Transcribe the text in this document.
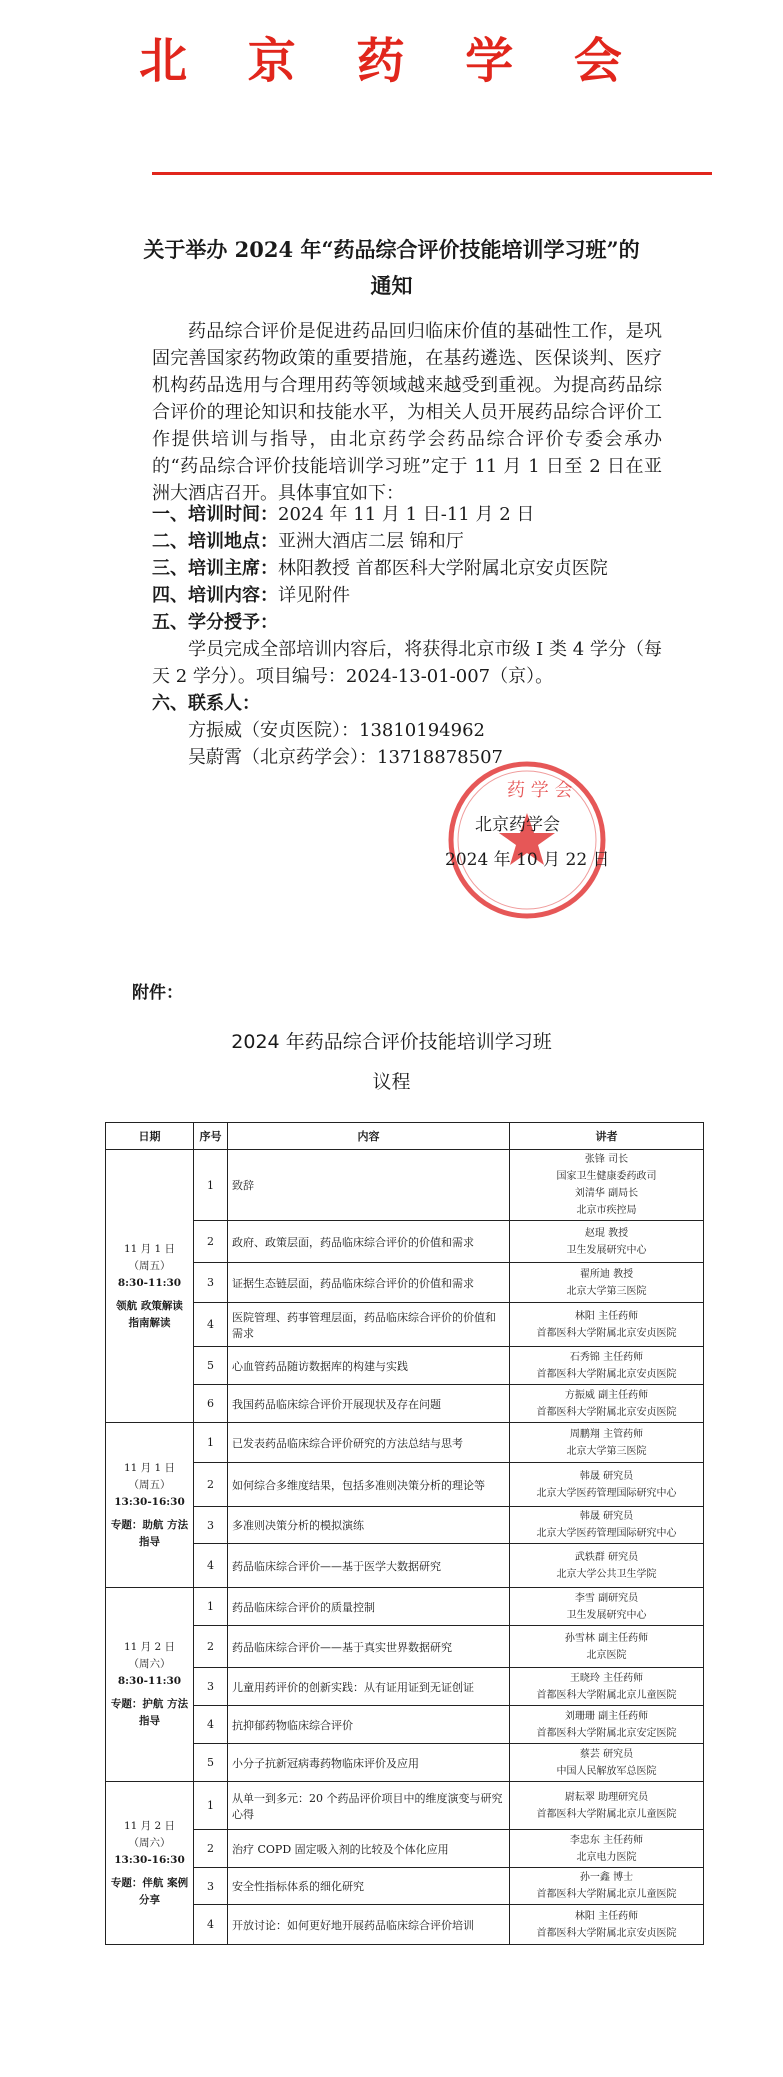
北 京 药 学 会
关于举办 2024 年“药品综合评价技能培训学习班”的
通知
药品综合评价是促进药品回归临床价值的基础性工作，是巩固完善国家药物政策的重要措施，在基药遴选、医保谈判、医疗机构药品选用与合理用药等领域越来越受到重视。为提高药品综合评价的理论知识和技能水平，为相关人员开展药品综合评价工作提供培训与指导，由北京药学会药品综合评价专委会承办的“药品综合评价技能培训学习班”定于 11 月 1 日至 2 日在亚洲大酒店召开。具体事宜如下：
一、培训时间：2024 年 11 月 1 日-11 月 2 日
二、培训地点：亚洲大酒店二层 锦和厅
三、培训主席：林阳教授 首都医科大学附属北京安贞医院
四、培训内容：详见附件
五、学分授予：
学员完成全部培训内容后，将获得北京市级 I 类 4 学分（每天 2 学分）。项目编号：2024-13-01-007（京）。
六、联系人：
方振威（安贞医院）：13810194962
吴蔚霄（北京药学会）：13718878507
药 学 会
北京药学会
2024 年 10 月 22 日
附件：
2024 年药品综合评价技能培训学习班
议程
日期	序号	内容	讲者

11 月 1 日
（周五）
8:30-11:30
领航 政策解读 指南解读	1	致辞	张锋 司长
国家卫生健康委药政司
刘清华 副局长
北京市疾控局

	2	政府、政策层面，药品临床综合评价的价值和需求	赵琨 教授
卫生发展研究中心

	3	证据生态链层面，药品临床综合评价的价值和需求	翟所迪 教授
北京大学第三医院

	4	医院管理、药事管理层面，药品临床综合评价的价值和需求	林阳 主任药师
首都医科大学附属北京安贞医院

	5	心血管药品随访数据库的构建与实践	石秀锦 主任药师
首都医科大学附属北京安贞医院

	6	我国药品临床综合评价开展现状及存在问题	方振威 副主任药师
首都医科大学附属北京安贞医院

11 月 1 日
（周五）
13:30-16:30
专题：助航 方法指导	1	已发表药品临床综合评价研究的方法总结与思考	周鹏翔 主管药师
北京大学第三医院

	2	如何综合多维度结果，包括多准则决策分析的理论等	韩晟 研究员
北京大学医药管理国际研究中心

	3	多准则决策分析的模拟演练	韩晟 研究员
北京大学医药管理国际研究中心

	4	药品临床综合评价——基于医学大数据研究	武轶群 研究员
北京大学公共卫生学院

11 月 2 日
（周六）
8:30-11:30
专题：护航 方法指导	1	药品临床综合评价的质量控制	李雪 副研究员
卫生发展研究中心

	2	药品临床综合评价——基于真实世界数据研究	孙雪林 副主任药师
北京医院

	3	儿童用药评价的创新实践：从有证用证到无证创证	王晓玲 主任药师
首都医科大学附属北京儿童医院

	4	抗抑郁药物临床综合评价	刘珊珊 副主任药师
首都医科大学附属北京安定医院

	5	小分子抗新冠病毒药物临床评价及应用	蔡芸 研究员
中国人民解放军总医院

11 月 2 日
（周六）
13:30-16:30
专题：伴航 案例分享	1	从单一到多元：20 个药品评价项目中的维度演变与研究心得	尉耘翠 助理研究员
首都医科大学附属北京儿童医院

	2	治疗 COPD 固定吸入剂的比较及个体化应用	李忠东 主任药师
北京电力医院

	3	安全性指标体系的细化研究	孙一鑫 博士
首都医科大学附属北京儿童医院

	4	开放讨论：如何更好地开展药品临床综合评价培训	林阳 主任药师
首都医科大学附属北京安贞医院
